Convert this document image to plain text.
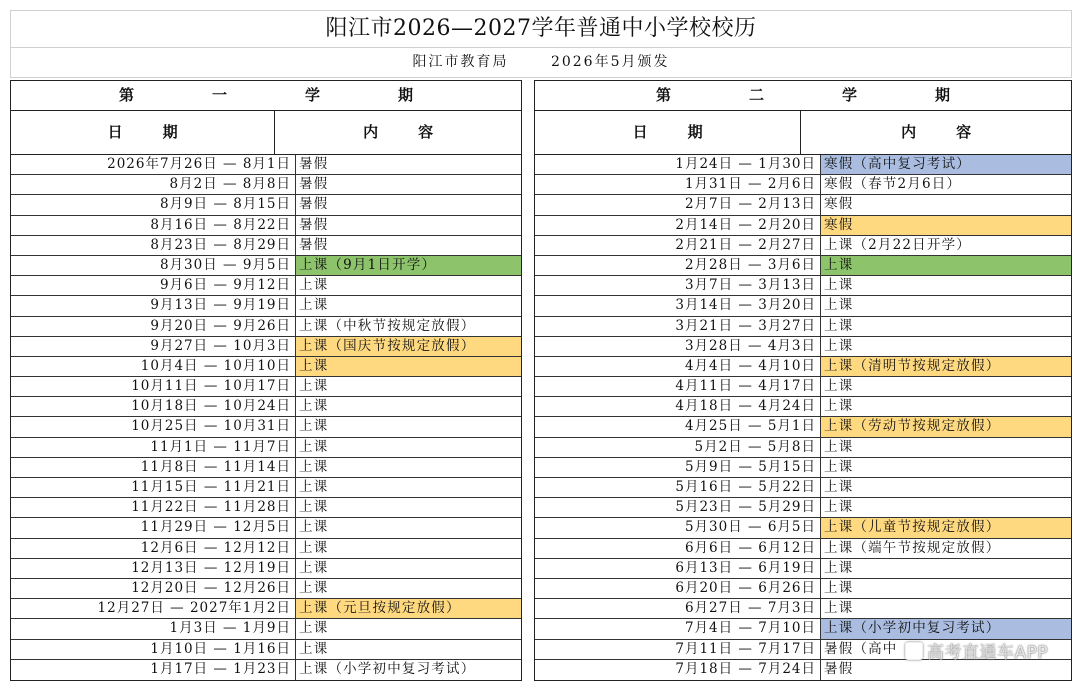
阳江市2026—2027学年普通中小学校校历
阳江市教育局	2026年5月颁发
第一学期
日期	内容
2026年7月26日 — 8月1日 暑假
8月2日 — 8月8日 暑假
8月9日 — 8月15日 暑假
8月16日 — 8月22日 暑假
8月23日 — 8月29日 暑假
8月30日 — 9月5日 上课（9月1日开学）
9月6日 — 9月12日 上课
9月13日 — 9月19日 上课
9月20日 — 9月26日 上课（中秋节按规定放假）
9月27日 — 10月3日 上课（国庆节按规定放假）
10月4日 — 10月10日 上课
10月11日 — 10月17日 上课
10月18日 — 10月24日 上课
10月25日 — 10月31日 上课
11月1日 — 11月7日 上课
11月8日 — 11月14日 上课
11月15日 — 11月21日 上课
11月22日 — 11月28日 上课
11月29日 — 12月5日 上课
12月6日 — 12月12日 上课
12月13日 — 12月19日 上课
12月20日 — 12月26日 上课
12月27日 — 2027年1月2日 上课（元旦按规定放假）
1月3日 — 1月9日 上课
1月10日 — 1月16日 上课
1月17日 — 1月23日 上课（小学初中复习考试）
第二学期
日期	内容
1月24日 — 1月30日 寒假（高中复习考试）
1月31日 — 2月6日 寒假（春节2月6日）
2月7日 — 2月13日 寒假
2月14日 — 2月20日 寒假
2月21日 — 2月27日 上课（2月22日开学）
2月28日 — 3月6日 上课
3月7日 — 3月13日 上课
3月14日 — 3月20日 上课
3月21日 — 3月27日 上课
3月28日 — 4月3日 上课
4月4日 — 4月10日 上课（清明节按规定放假）
4月11日 — 4月17日 上课
4月18日 — 4月24日 上课
4月25日 — 5月1日 上课（劳动节按规定放假）
5月2日 — 5月8日 上课
5月9日 — 5月15日 上课
5月16日 — 5月22日 上课
5月23日 — 5月29日 上课
5月30日 — 6月5日 上课（儿童节按规定放假）
6月6日 — 6月12日 上课（端午节按规定放假）
6月13日 — 6月19日 上课
6月20日 — 6月26日 上课
6月27日 — 7月3日 上课
7月4日 — 7月10日 上课（小学初中复习考试）
7月11日 — 7月17日 暑假（高中
7月18日 — 7月24日 暑假
高考直通车APP
